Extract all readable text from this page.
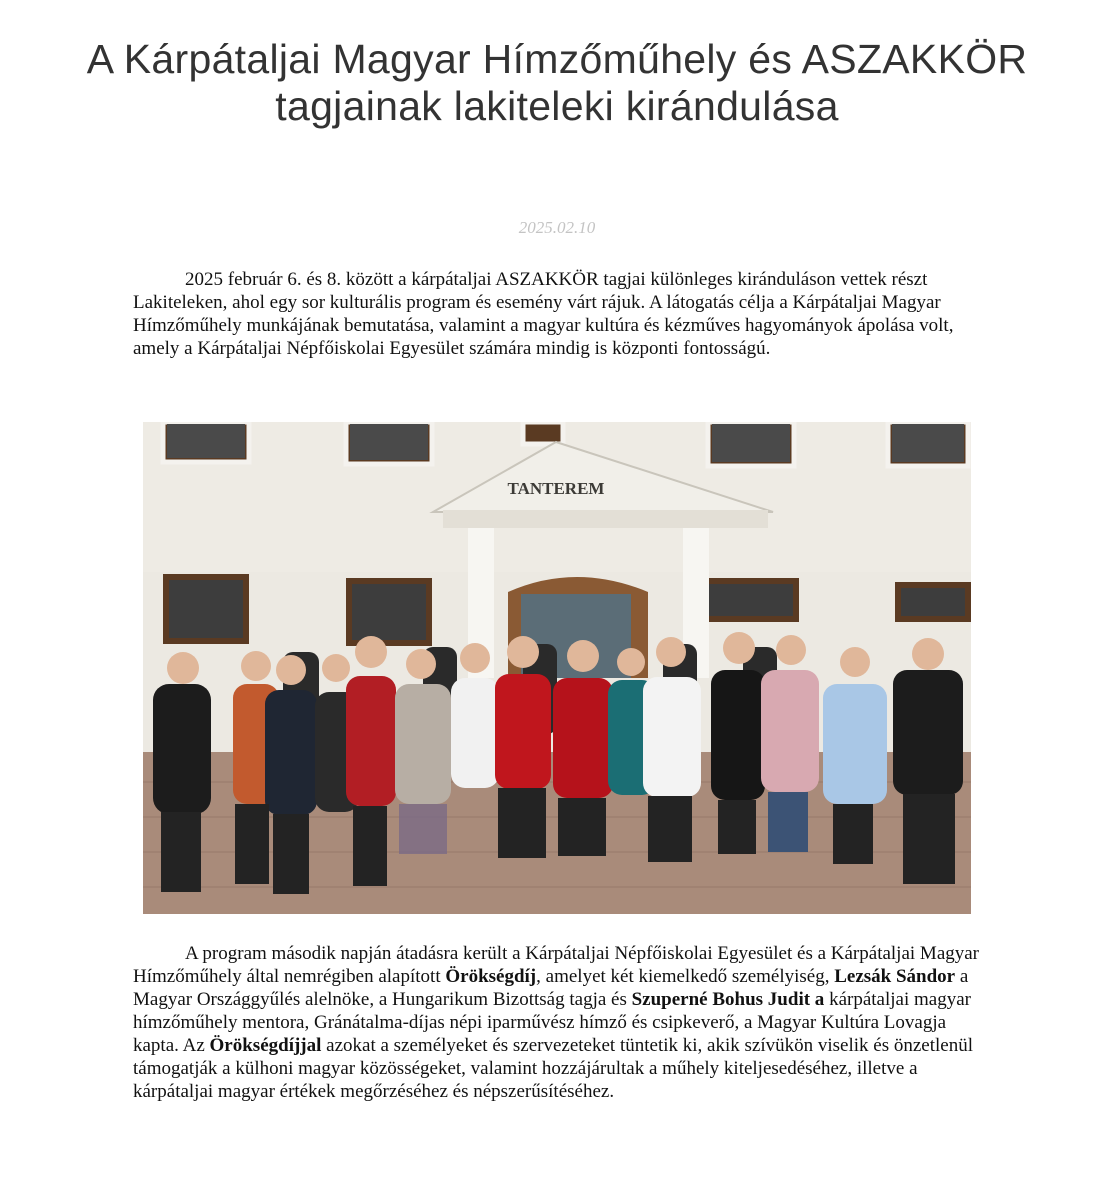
A Kárpátaljai Magyar Hímzőműhely és ASZAKKÖR tagjainak lakiteleki kirándulása
2025.02.10

2025 február 6. és 8. között a kárpátaljai ASZAKKÖR tagjai különleges kiránduláson vettek részt Lakiteleken, ahol egy sor kulturális program és esemény várt rájuk. A látogatás célja a Kárpátaljai Magyar Hímzőműhely munkájának bemutatása, valamint a magyar kultúra és kézműves hagyományok ápolása volt, amely a Kárpátaljai Népfőiskolai Egyesület számára mindig is központi fontosságú.

TANTEREM

A program második napján átadásra került a Kárpátaljai Népfőiskolai Egyesület és a Kárpátaljai Magyar Hímzőműhely által nemrégiben alapított Örökségdíj, amelyet két kiemelkedő személyiség, Lezsák Sándor a Magyar Országgyűlés alelnöke, a Hungarikum Bizottság tagja és Szuperné Bohus Judit a kárpátaljai magyar hímzőműhely mentora, Gránátalma-díjas népi iparművész hímző és csipkeverő, a Magyar Kultúra Lovagja kapta. Az Örökségdíjjal azokat a személyeket és szervezeteket tüntetik ki, akik szívükön viselik és önzetlenül támogatják a külhoni magyar közösségeket, valamint hozzájárultak a műhely kiteljesedéséhez, illetve a kárpátaljai magyar értékek megőrzéséhez és népszerűsítéséhez.
